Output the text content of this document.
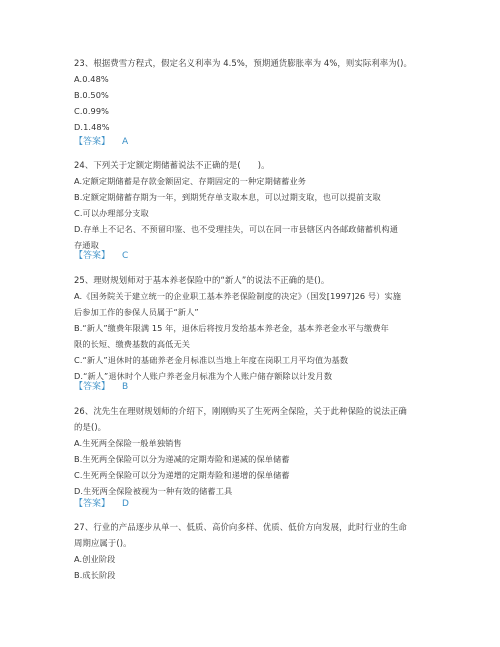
23、根据费雪方程式，假定名义利率为 4.5%，预期通货膨胀率为 4%，则实际利率为()。
A.0.48%
B.0.50%
C.0.99%
D.1.48%
【答案】 A
24、下列关于定额定期储蓄说法不正确的是(　　)。
A.定额定期储蓄是存款金额固定、存期固定的一种定期储蓄业务
B.定额定期储蓄存期为一年，到期凭存单支取本息，可以过期支取，也可以提前支取
C.可以办理部分支取
D.存单上不记名、不预留印鉴、也不受理挂失，可以在同一市县辖区内各邮政储蓄机构通
存通取
【答案】 C
25、理财规划师对于基本养老保险中的“新人”的说法不正确的是()。
A.《国务院关于建立统一的企业职工基本养老保险制度的决定》（国发[1997]26 号）实施
后参加工作的参保人员属于“新人”
B.“新人”缴费年限满 15 年，退休后将按月发给基本养老金，基本养老金水平与缴费年
限的长短、缴费基数的高低无关
C.“新人”退休时的基础养老金月标准以当地上年度在岗职工月平均值为基数
D.“新人”退休时个人账户养老金月标准为个人账户储存额除以计发月数
【答案】 B
26、沈先生在理财规划师的介绍下，刚刚购买了生死两全保险，关于此种保险的说法正确
的是()。
A.生死两全保险一般单独销售
B.生死两全保险可以分为递减的定期寿险和递减的保单储蓄
C.生死两全保险可以分为递增的定期寿险和递增的保单储蓄
D.生死两全保险被视为一种有效的储蓄工具
【答案】 D
27、行业的产品逐步从单一、低质、高价向多样、优质、低价方向发展，此时行业的生命
周期应属于()。
A.创业阶段
B.成长阶段
